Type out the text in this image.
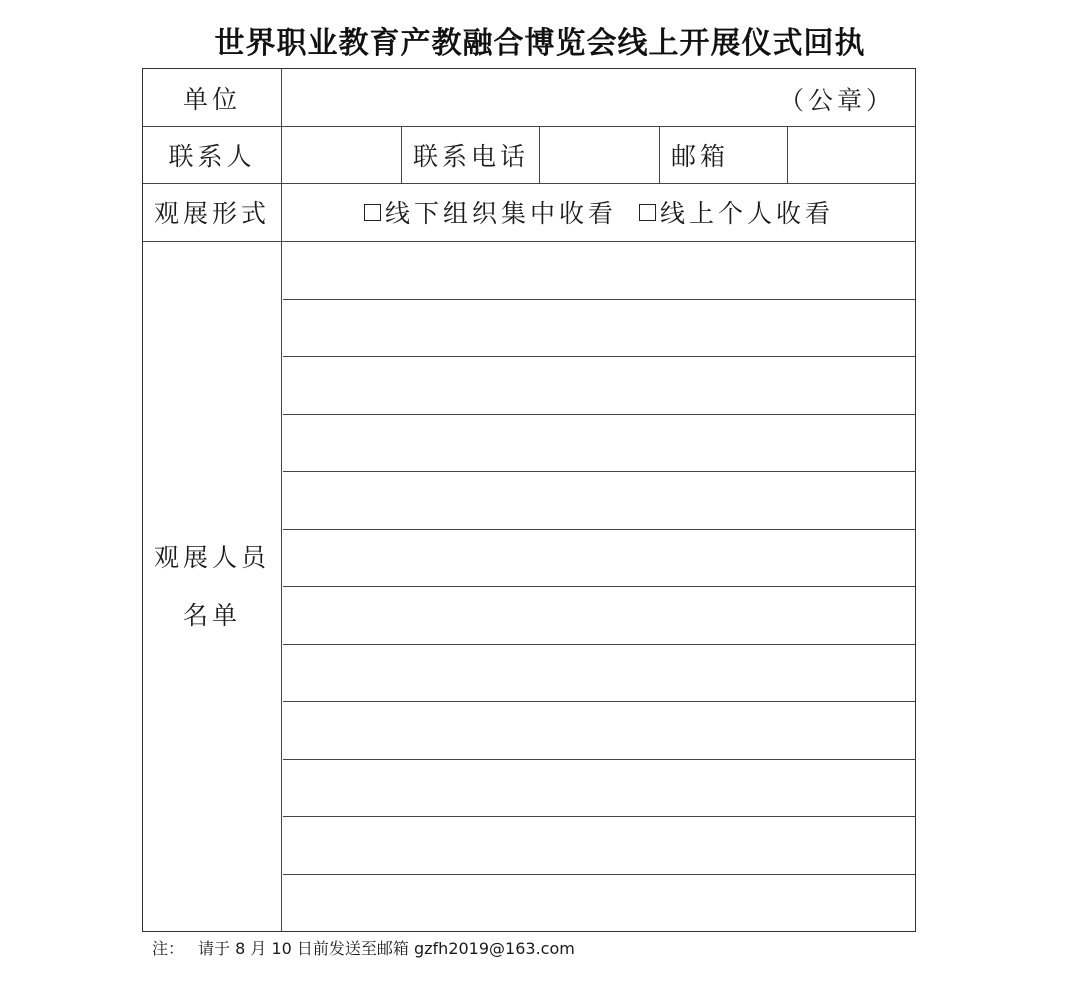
世界职业教育产教融合博览会线上开展仪式回执
单位	（公章）
联系人	联系电话	邮箱
观展形式	线下组织集中收看 线上个人收看
观展人员
名单
注： 请于 8 月 10 日前发送至邮箱 gzfh2019@163.com
